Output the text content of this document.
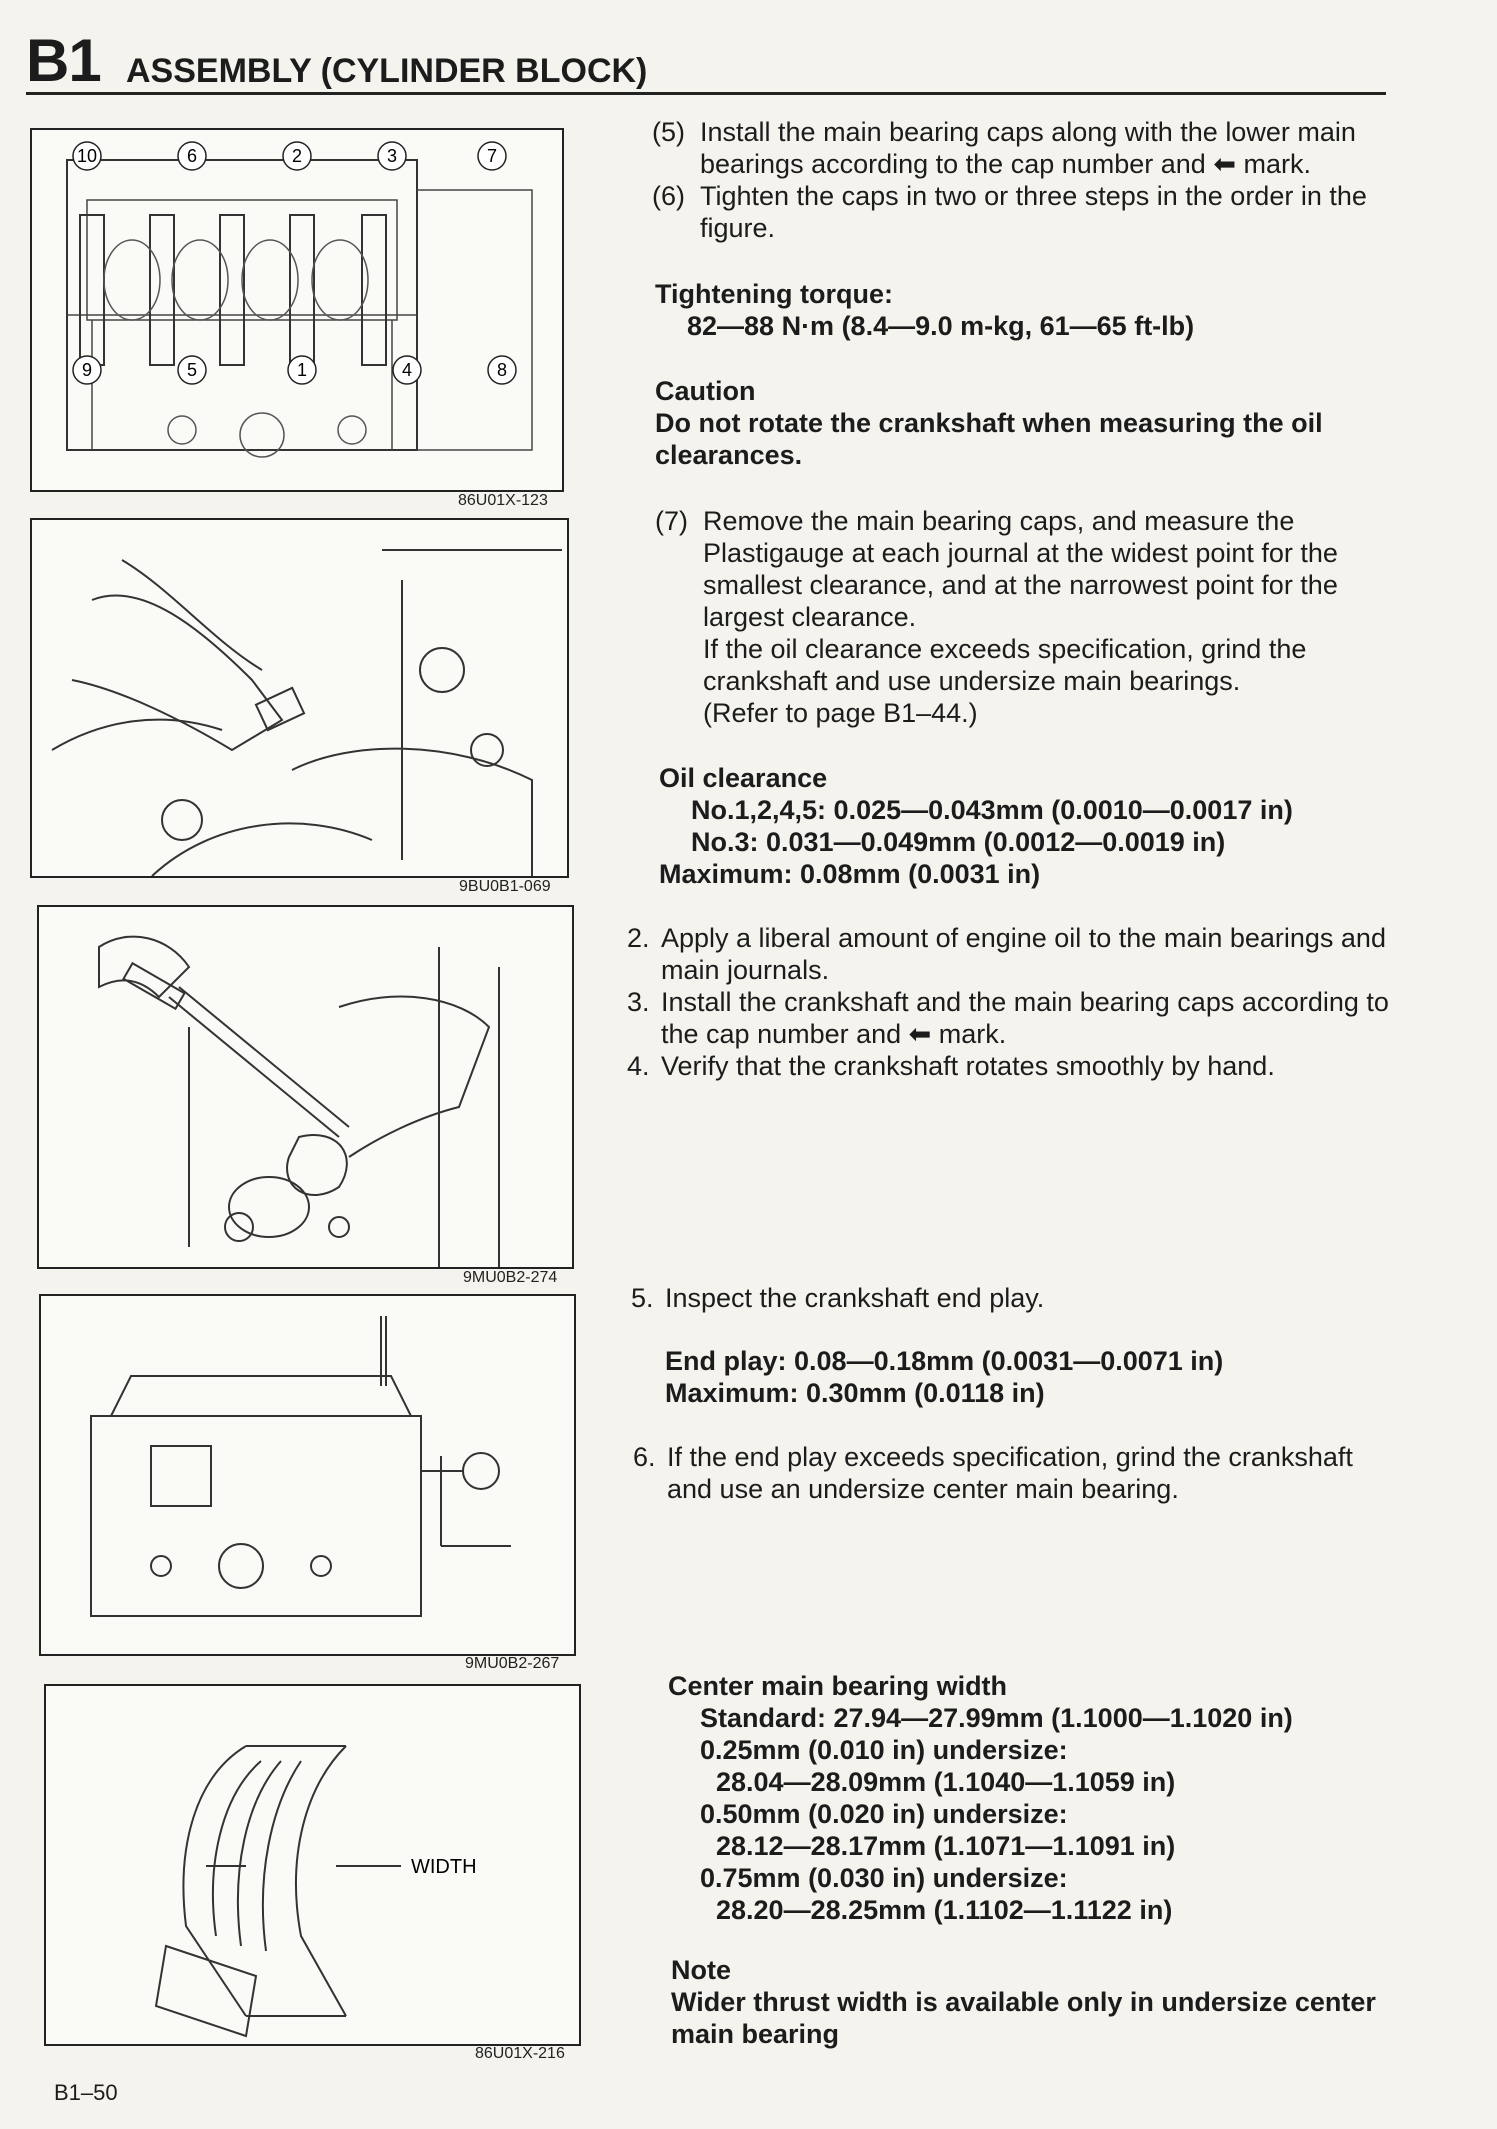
B1 ASSEMBLY (CYLINDER BLOCK)
10	6	2	3	7
9	5	1	4	8
86U01X-123
9BU0B1-069
9MU0B2-274
9MU0B2-267
WIDTH
86U01X-216
(5) Install the main bearing caps along with the lower main bearings according to the cap number and ⬅ mark.
(6) Tighten the caps in two or three steps in the order in the figure.
Tightening torque:
82—88 N·m (8.4—9.0 m-kg, 61—65 ft-lb)
Caution
Do not rotate the crankshaft when measuring the oil clearances.
(7) Remove the main bearing caps, and measure the Plastigauge at each journal at the widest point for the smallest clearance, and at the narrowest point for the largest clearance.
If the oil clearance exceeds specification, grind the crankshaft and use undersize main bearings.
(Refer to page B1–44.)
Oil clearance
No.1,2,4,5: 0.025—0.043mm (0.0010—0.0017 in)
No.3: 0.031—0.049mm (0.0012—0.0019 in)
Maximum: 0.08mm (0.0031 in)
2. Apply a liberal amount of engine oil to the main bearings and main journals.
3. Install the crankshaft and the main bearing caps according to the cap number and ⬅ mark.
4. Verify that the crankshaft rotates smoothly by hand.
5. Inspect the crankshaft end play.
End play: 0.08—0.18mm (0.0031—0.0071 in)
Maximum: 0.30mm (0.0118 in)
6. If the end play exceeds specification, grind the crankshaft and use an undersize center main bearing.
Center main bearing width
Standard: 27.94—27.99mm (1.1000—1.1020 in)
0.25mm (0.010 in) undersize:
28.04—28.09mm (1.1040—1.1059 in)
0.50mm (0.020 in) undersize:
28.12—28.17mm (1.1071—1.1091 in)
0.75mm (0.030 in) undersize:
28.20—28.25mm (1.1102—1.1122 in)
Note
Wider thrust width is available only in undersize center main bearing
B1–50
